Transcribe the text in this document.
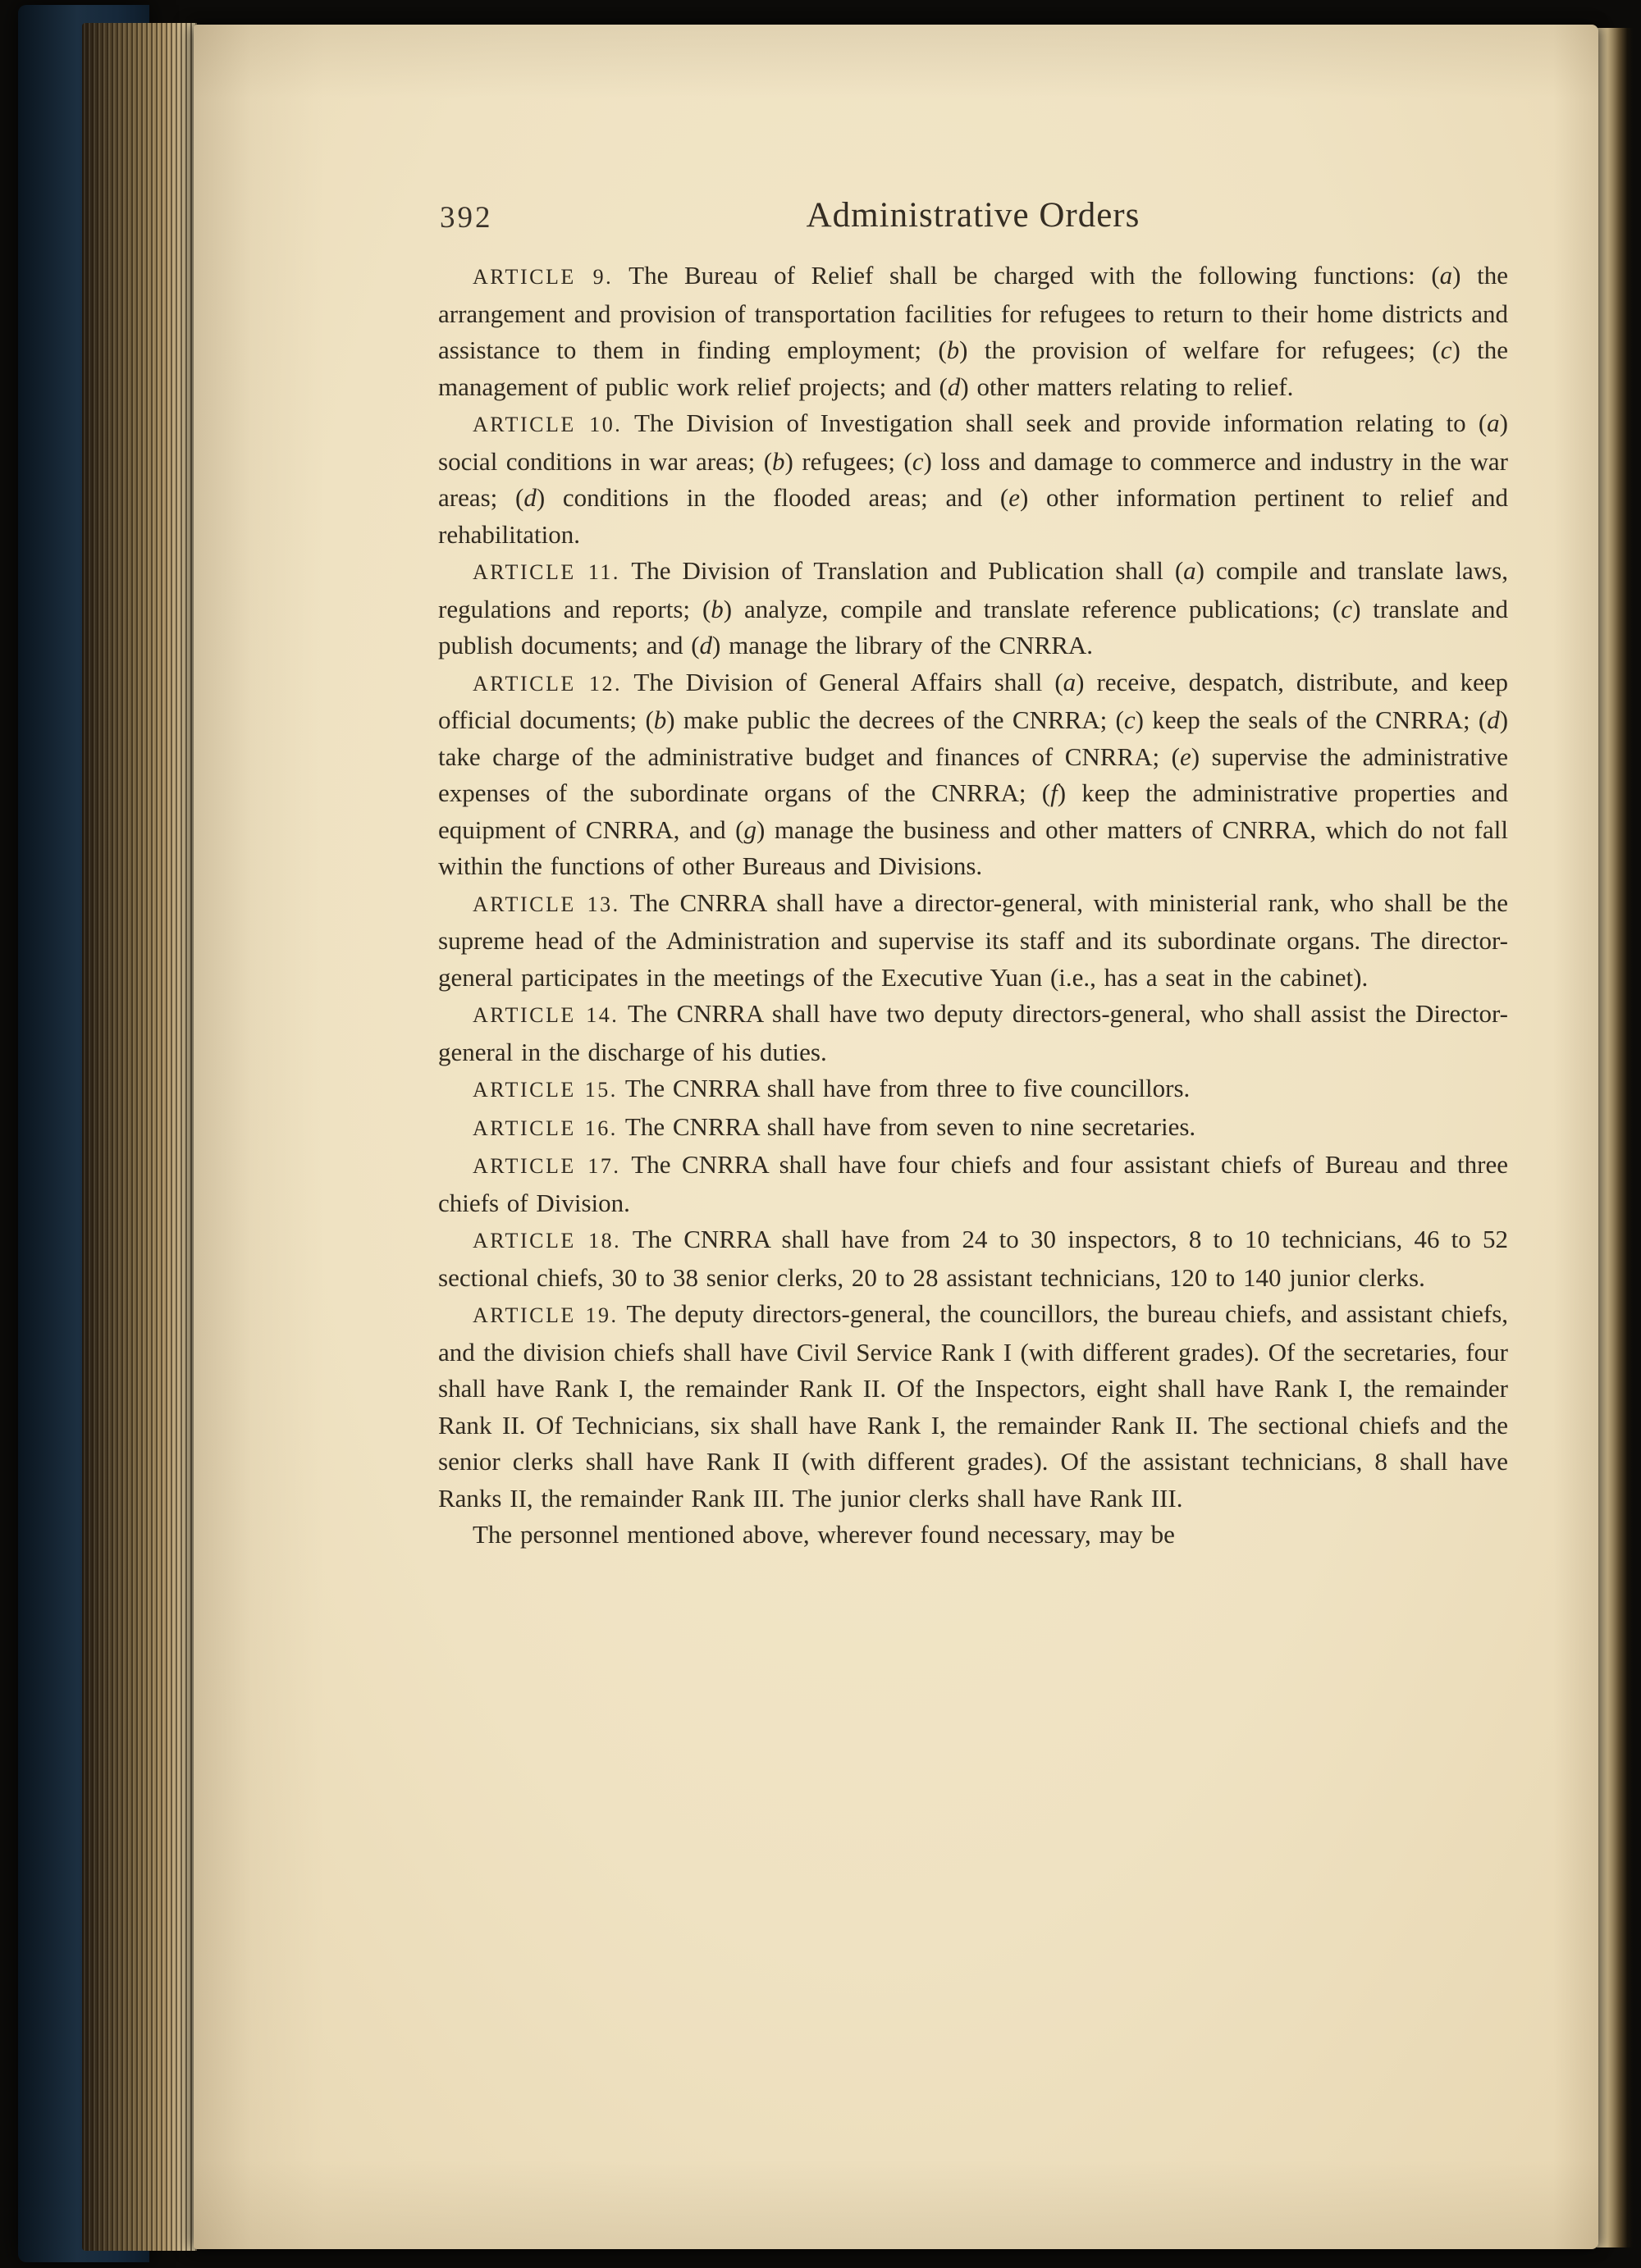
392	Administrative Orders

ARTICLE 9. The Bureau of Relief shall be charged with the following functions: (a) the arrangement and provision of transportation facilities for refugees to return to their home districts and assistance to them in finding employment; (b) the provision of welfare for refugees; (c) the management of public work relief projects; and (d) other matters relating to relief.

ARTICLE 10. The Division of Investigation shall seek and provide information relating to (a) social conditions in war areas; (b) refugees; (c) loss and damage to commerce and industry in the war areas; (d) conditions in the flooded areas; and (e) other information pertinent to relief and rehabilitation.

ARTICLE 11. The Division of Translation and Publication shall (a) compile and translate laws, regulations and reports; (b) analyze, compile and translate reference publications; (c) translate and publish documents; and (d) manage the library of the CNRRA.

ARTICLE 12. The Division of General Affairs shall (a) receive, despatch, distribute, and keep official documents; (b) make public the decrees of the CNRRA; (c) keep the seals of the CNRRA; (d) take charge of the administrative budget and finances of CNRRA; (e) supervise the administrative expenses of the subordinate organs of the CNRRA; (f) keep the administrative properties and equipment of CNRRA, and (g) manage the business and other matters of CNRRA, which do not fall within the functions of other Bureaus and Divisions.

ARTICLE 13. The CNRRA shall have a director-general, with ministerial rank, who shall be the supreme head of the Administration and supervise its staff and its subordinate organs. The director-general participates in the meetings of the Executive Yuan (i.e., has a seat in the cabinet).

ARTICLE 14. The CNRRA shall have two deputy directors-general, who shall assist the Director-general in the discharge of his duties.

ARTICLE 15. The CNRRA shall have from three to five councillors.

ARTICLE 16. The CNRRA shall have from seven to nine secretaries.

ARTICLE 17. The CNRRA shall have four chiefs and four assistant chiefs of Bureau and three chiefs of Division.

ARTICLE 18. The CNRRA shall have from 24 to 30 inspectors, 8 to 10 technicians, 46 to 52 sectional chiefs, 30 to 38 senior clerks, 20 to 28 assistant technicians, 120 to 140 junior clerks.

ARTICLE 19. The deputy directors-general, the councillors, the bureau chiefs, and assistant chiefs, and the division chiefs shall have Civil Service Rank I (with different grades). Of the secretaries, four shall have Rank I, the remainder Rank II. Of the Inspectors, eight shall have Rank I, the remainder Rank II. Of Technicians, six shall have Rank I, the remainder Rank II. The sectional chiefs and the senior clerks shall have Rank II (with different grades). Of the assistant technicians, 8 shall have Ranks II, the remainder Rank III. The junior clerks shall have Rank III.

The personnel mentioned above, wherever found necessary, may be
